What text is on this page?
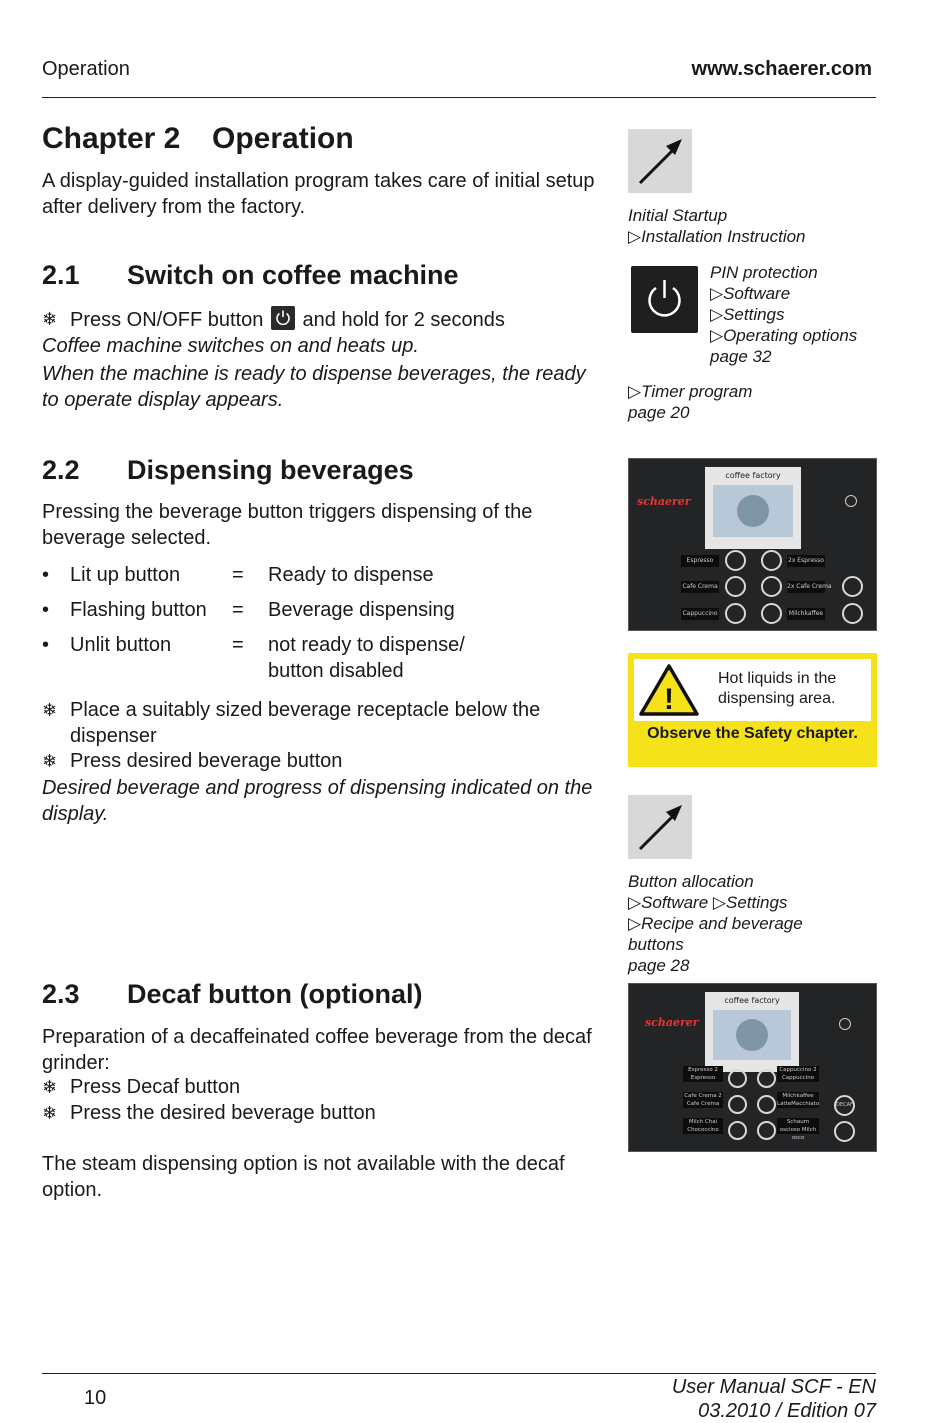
Operation	www.schaerer.com
Chapter 2 Operation
A display-guided installation program takes care of initial setup after delivery from the factory.
2.1 Switch on coffee machine
❄ Press ON/OFF button and hold for 2 seconds
Coffee machine switches on and heats up.
When the machine is ready to dispense beverages, the ready to operate display appears.
2.2 Dispensing beverages
Pressing the beverage button triggers dispensing of the beverage selected.
• Lit up button	= Ready to dispense
• Flashing button = Beverage dispensing
• Unlit button	= not ready to dispense/ button disabled
❄ Place a suitably sized beverage receptacle below the dispenser
❄ Press desired beverage button
Desired beverage and progress of dispensing indicated on the display.
2.3 Decaf button (optional)
Preparation of a decaffeinated coffee beverage from the decaf grinder:
❄ Press Decaf button
❄ Press the desired beverage button
The steam dispensing option is not available with the decaf option.
Initial Startup
▷Installation Instruction
PIN protection
▷Software
▷Settings
▷Operating options
page 32
▷Timer program
page 20
coffee factory
schaerer
Espresso
Cafe Crema
Cappuccino
2x Espresso
2x Cafe Crema
Milchkaffee
!
Hot liquids in the dispensing area.
Observe the Safety chapter.
Button allocation
▷Software ▷Settings
▷Recipe and beverage
buttons
page 28
coffee factory
schaerer
Espresso 2 Espresso
Cafe Crema 2 Cafe Crema
Milch Chai Chococcino
Cappuccino 2 Cappuccino
Milchkaffee LatteMacchiato
Schaum oscioso Milch osco
DECAF
10	User Manual SCF - EN
03.2010 / Edition 07
